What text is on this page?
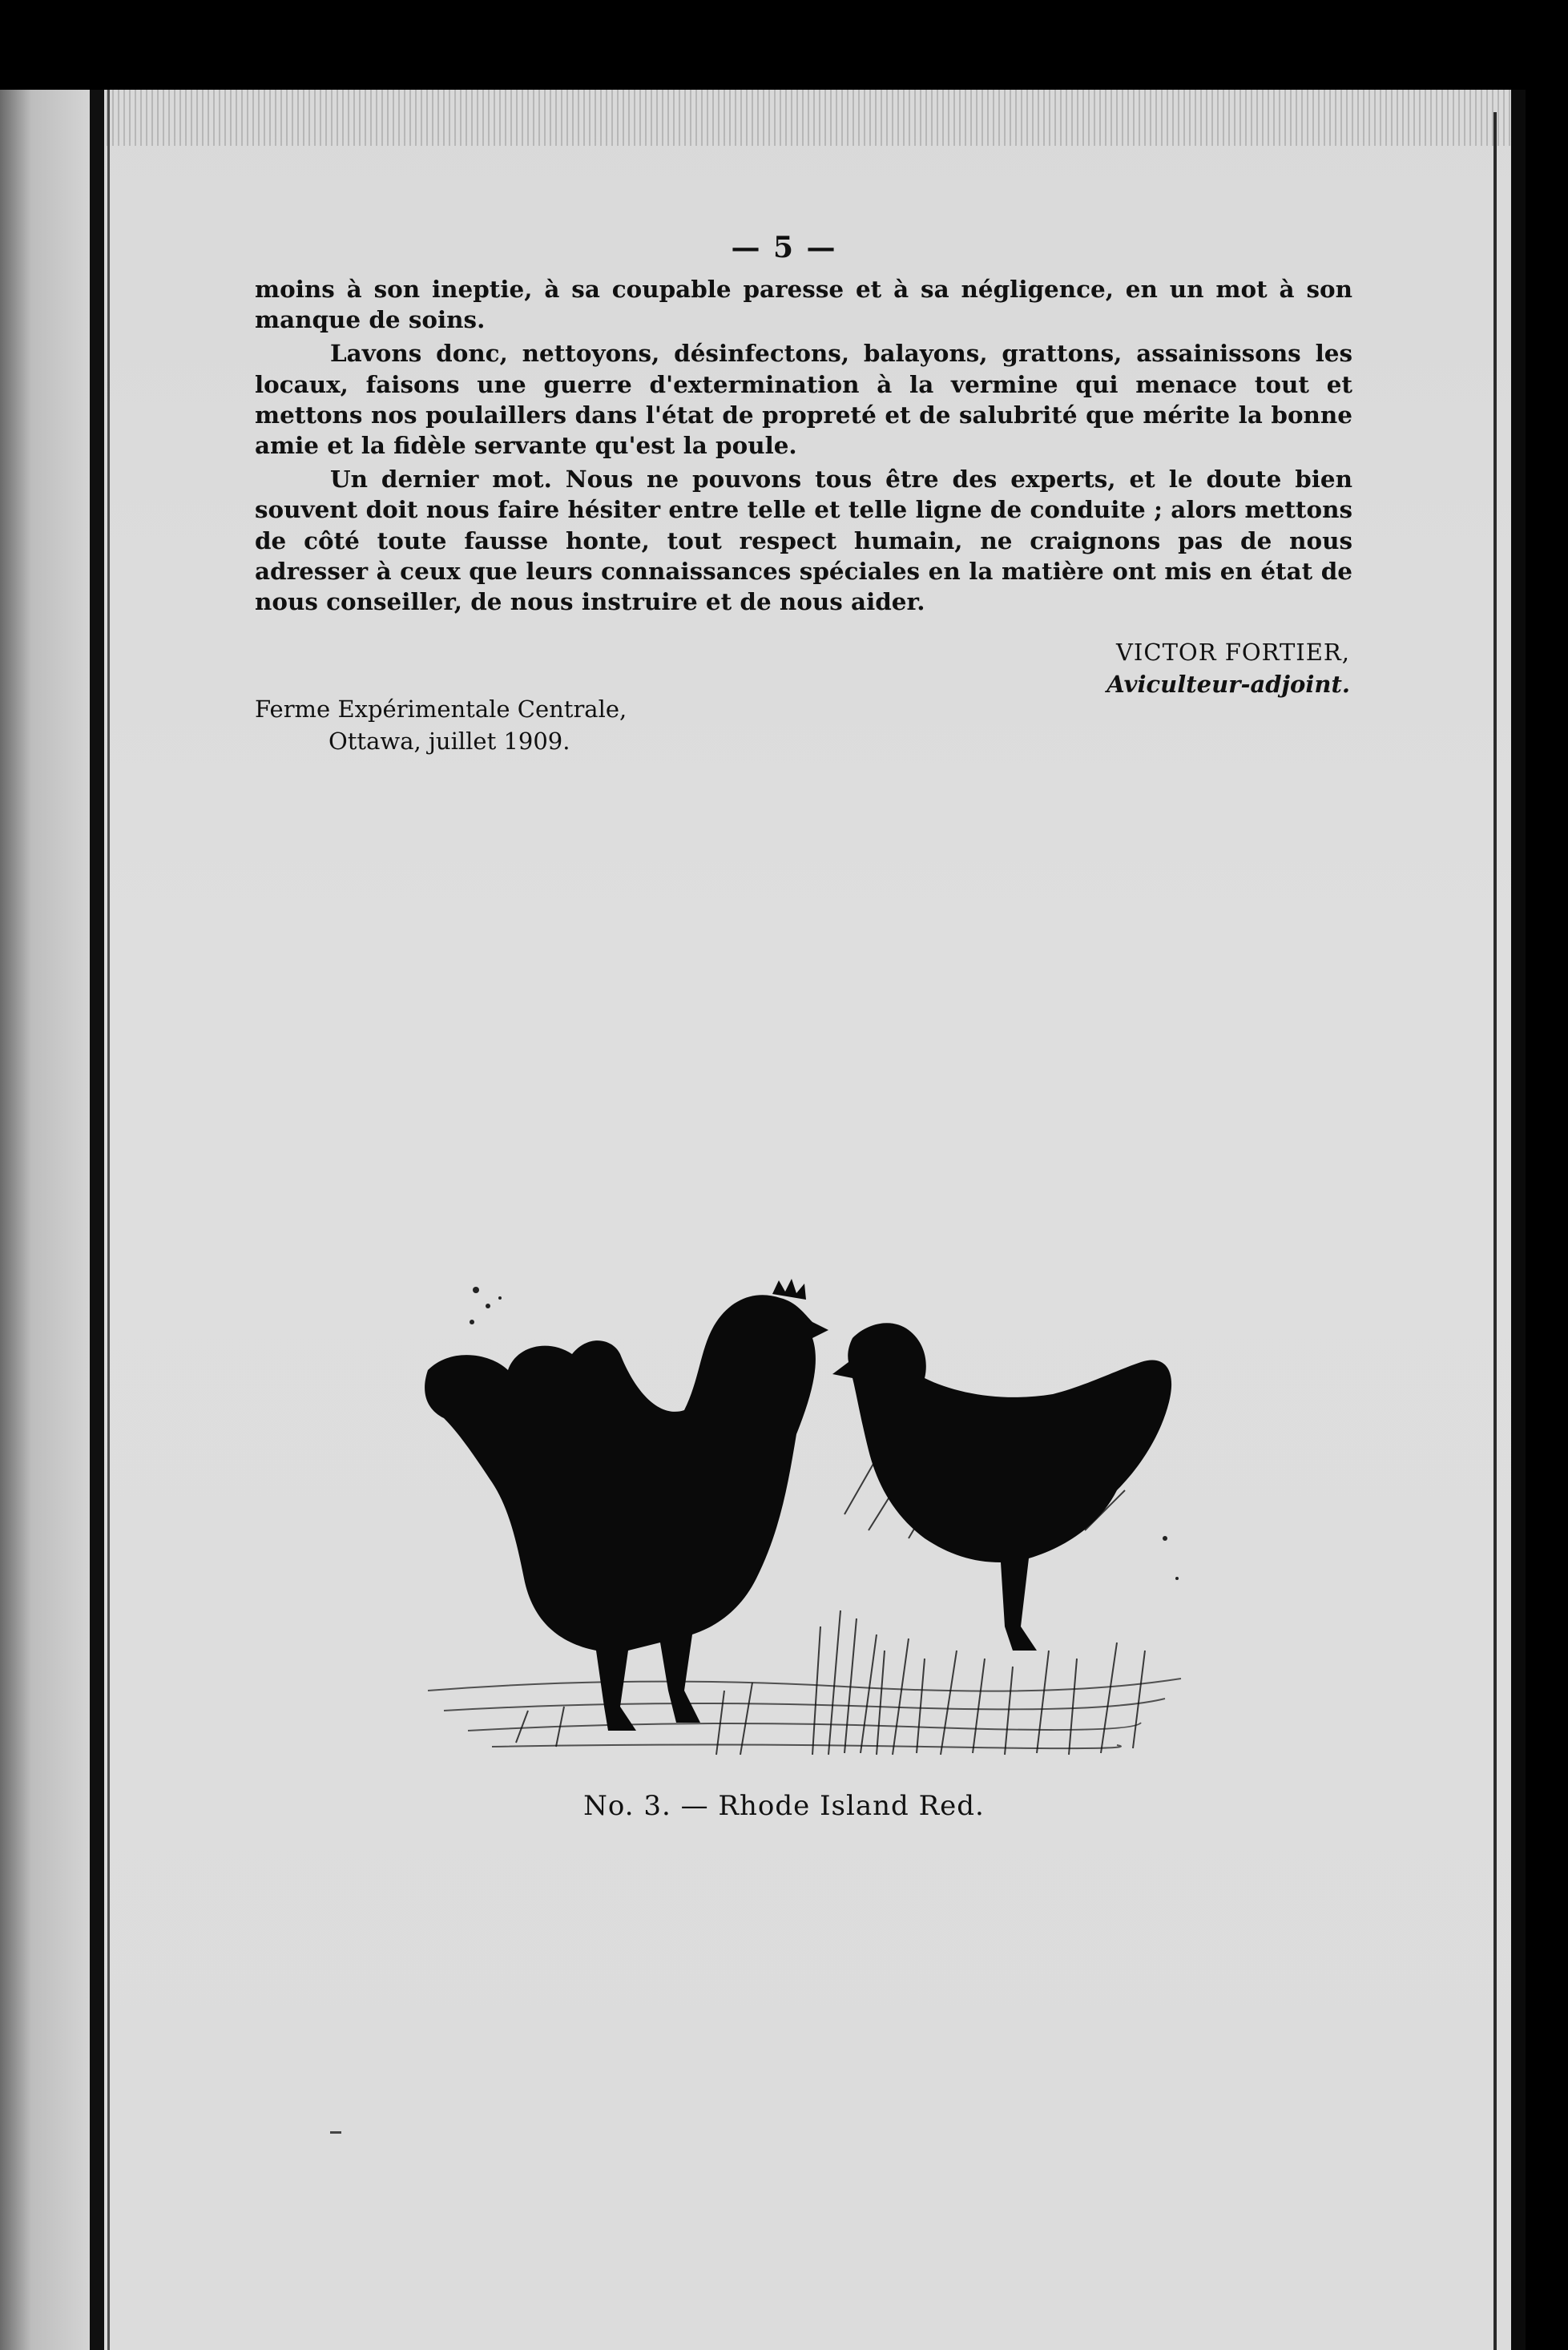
— 5 —

moins à son ineptie, à sa coupable paresse et à sa négligence, en un mot à son manque de soins.

Lavons donc, nettoyons, désinfectons, balayons, grattons, assainissons les locaux, faisons une guerre d'extermination à la vermine qui menace tout et mettons nos poulaillers dans l'état de propreté et de salubrité que mérite la bonne amie et la fidèle servante qu'est la poule.

Un dernier mot. Nous ne pouvons tous être des experts, et le doute bien souvent doit nous faire hésiter entre telle et telle ligne de conduite ; alors mettons de côté toute fausse honte, tout respect humain, ne craignons pas de nous adresser à ceux que leurs connaissances spéciales en la matière ont mis en état de nous conseiller, de nous instruire et de nous aider.

VICTOR FORTIER,
Aviculteur-adjoint.
Ferme Expérimentale Centrale,
Ottawa, juillet 1909.
No. 3. — Rhode Island Red.
